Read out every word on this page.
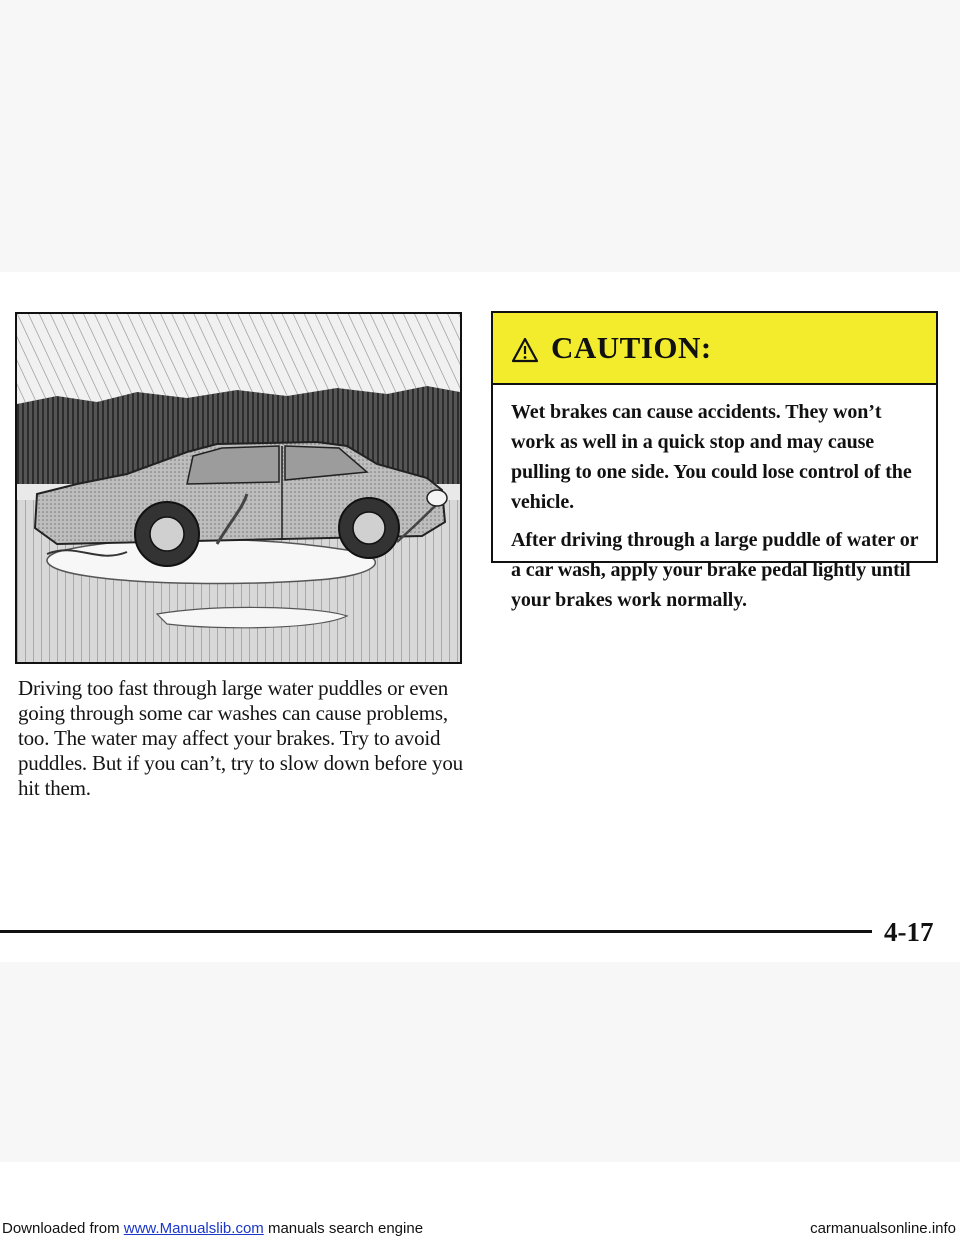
Driving too fast through large water puddles or even going through some car washes can cause problems, too. The water may affect your brakes. Try to avoid puddles. But if you can’t, try to slow down before you hit them.

CAUTION:

Wet brakes can cause accidents. They won’t work as well in a quick stop and may cause pulling to one side. You could lose control of the vehicle.

After driving through a large puddle of water or a car wash, apply your brake pedal lightly until your brakes work normally.

4-17
Downloaded from www.Manualslib.com manuals search engine	carmanualsonline.info
